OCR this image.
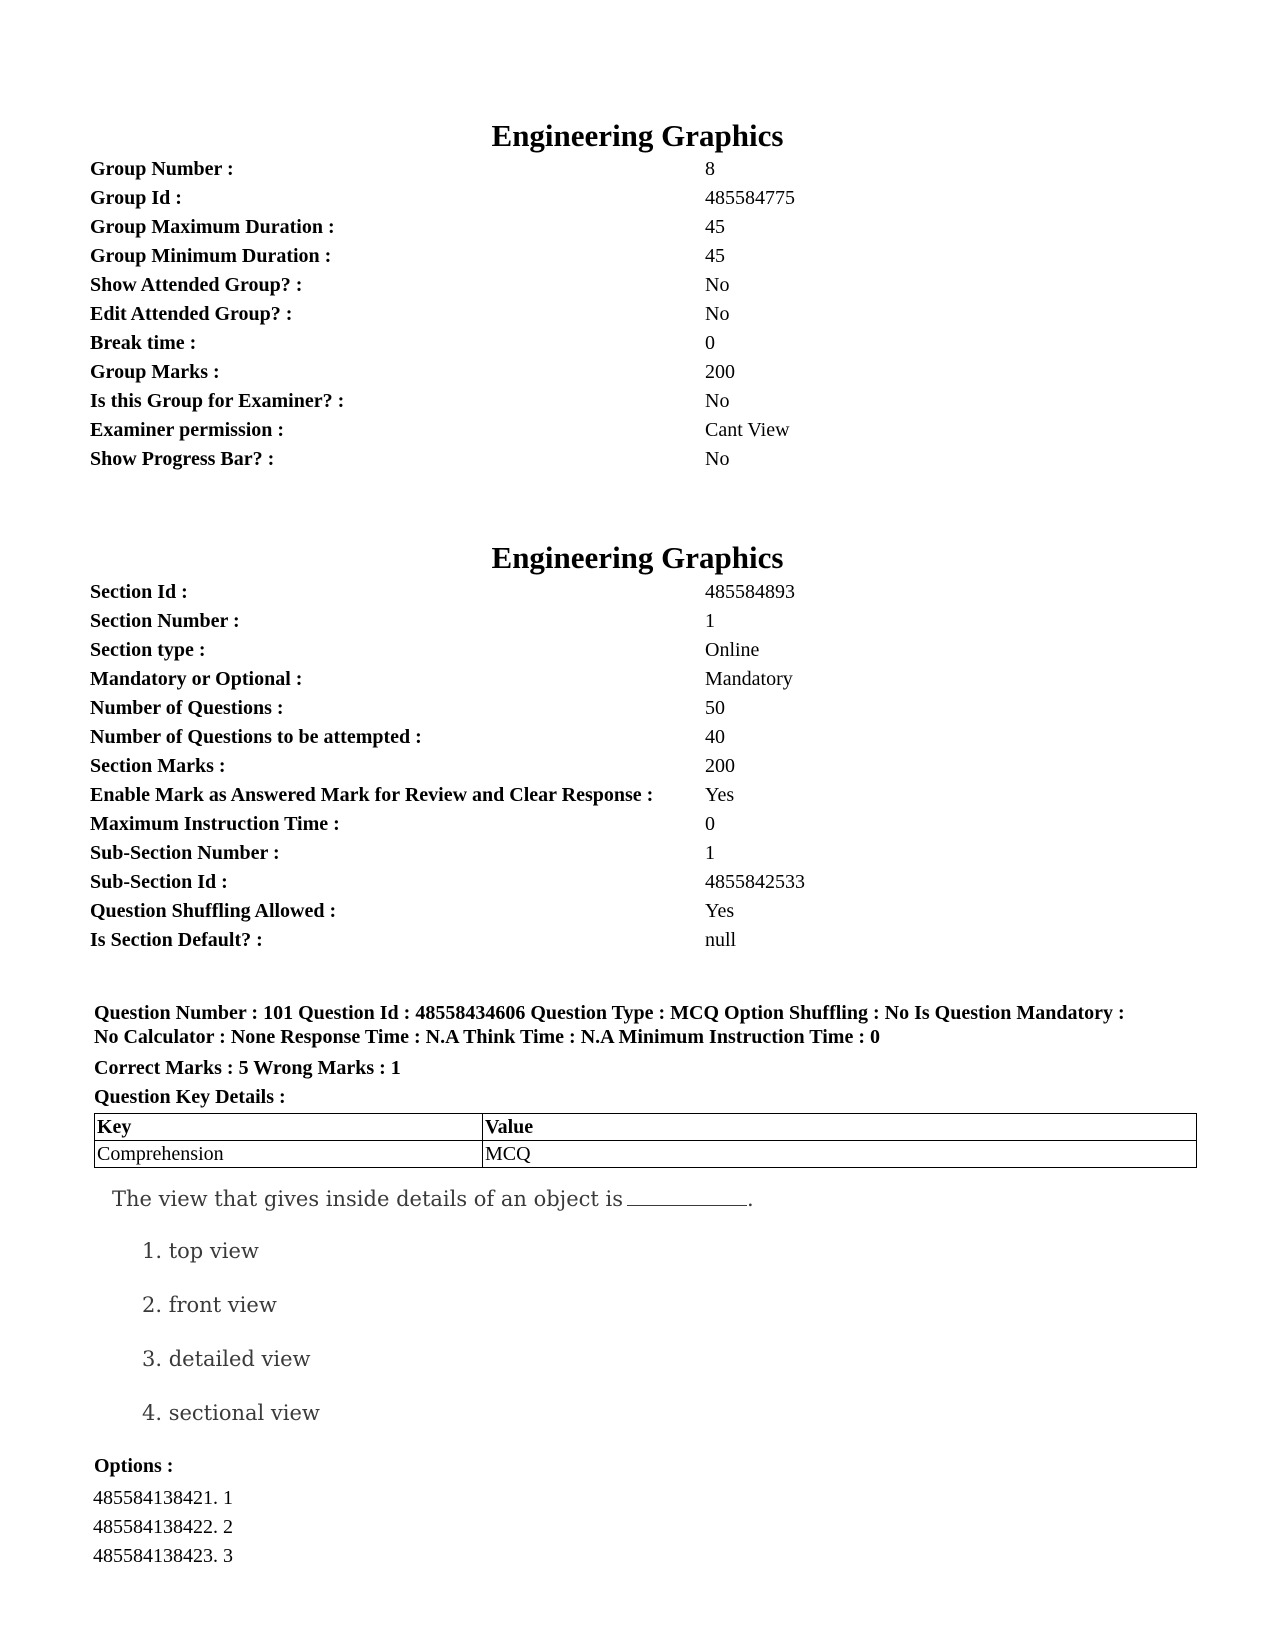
Engineering Graphics
Group Number :	8
Group Id :	485584775
Group Maximum Duration :	45
Group Minimum Duration :	45
Show Attended Group? :	No
Edit Attended Group? :	No
Break time :	0
Group Marks :	200
Is this Group for Examiner? :	No
Examiner permission :	Cant View
Show Progress Bar? :	No
Engineering Graphics
Section Id :	485584893
Section Number :	1
Section type :	Online
Mandatory or Optional :	Mandatory
Number of Questions :	50
Number of Questions to be attempted :	40
Section Marks :	200
Enable Mark as Answered Mark for Review and Clear Response :	Yes
Maximum Instruction Time :	0
Sub-Section Number :	1
Sub-Section Id :	4855842533
Question Shuffling Allowed :	Yes
Is Section Default? :	null

Question Number : 101 Question Id : 48558434606 Question Type : MCQ Option Shuffling : No Is Question Mandatory :

No Calculator : None Response Time : N.A Think Time : N.A Minimum Instruction Time : 0

Correct Marks : 5 Wrong Marks : 1
Question Key Details :
Key	Value
Comprehension	MCQ
The view that gives inside details of an object is	.
1. top view
2. front view
3. detailed view
4. sectional view
Options :
485584138421. 1
485584138422. 2
485584138423. 3
